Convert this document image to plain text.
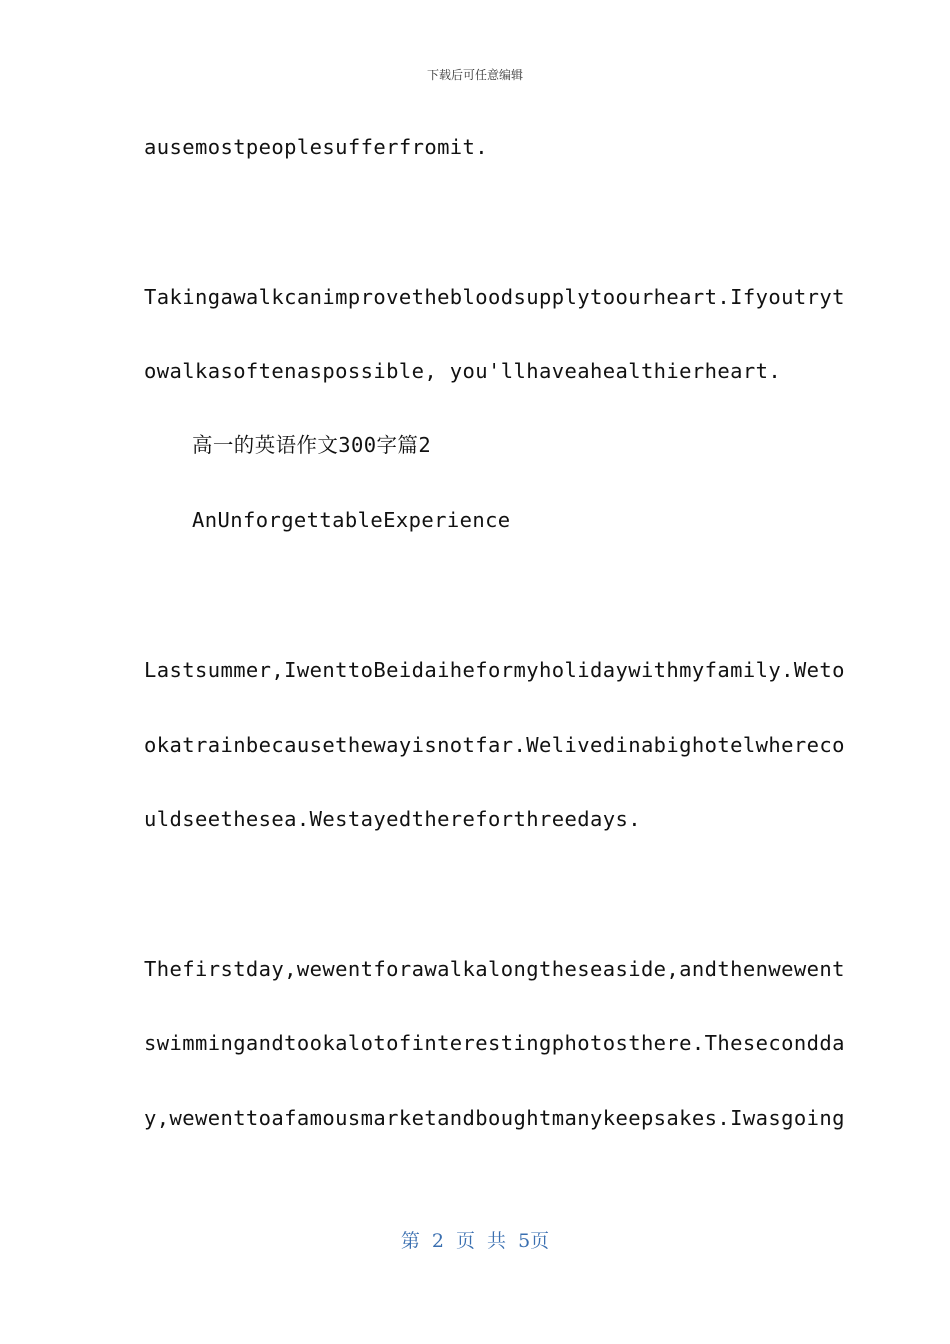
下载后可任意编辑
ausemostpeoplesufferfromit.
Takingawalkcanimprovethebloodsupplytoourheart.Ifyoutryt
owalkasoftenaspossible, you'llhaveahealthierheart.
高一的英语作文300字篇2
AnUnforgettableExperience
Lastsummer,IwenttoBeidaiheformyholidaywithmyfamily.Weto
okatrainbecausethewayisnotfar.Welivedinabighotelwhereco
uldseethesea.Westayedthereforthreedays.
Thefirstday,wewentforawalkalongtheseaside,andthenwewent
swimmingandtookalotofinterestingphotosthere.Theseconddа
y,wewenttoafamousmarketandboughtmanykeepsakes.Iwasgoing
第 2 页 共 5页
